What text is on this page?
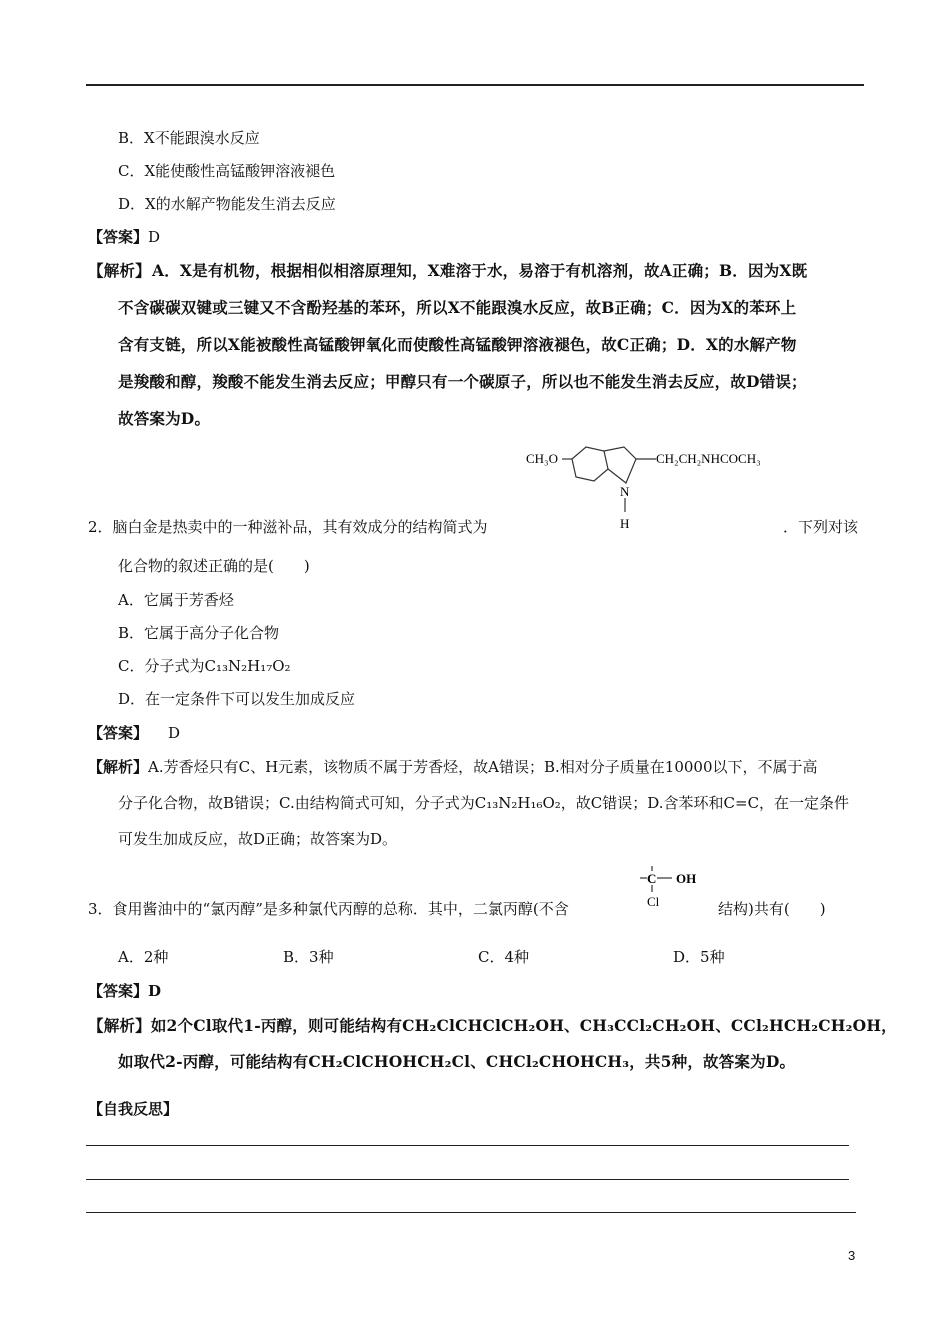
B．X不能跟溴水反应
C．X能使酸性高锰酸钾溶液褪色
D．X的水解产物能发生消去反应
【答案】D
【解析】 A．X是有机物，根据相似相溶原理知，X难溶于水，易溶于有机溶剂，故A正确；B．因为X既
不含碳碳双键或三键又不含酚羟基的苯环，所以X不能跟溴水反应，故B正确；C．因为X的苯环上
含有支链，所以X能被酸性高锰酸钾氧化而使酸性高锰酸钾溶液褪色，故C正确；D．X的水解产物
是羧酸和醇，羧酸不能发生消去反应；甲醇只有一个碳原子，所以也不能发生消去反应，故D错误；
故答案为D。
CH₃O	CH₂CH₂NHCOCH₃
N
H
2．脑白金是热卖中的一种滋补品，其有效成分的结构简式为	．下列对该
化合物的叙述正确的是(　　)
A．它属于芳香烃
B．它属于高分子化合物
C．分子式为C₁₃N₂H₁₇O₂
D．在一定条件下可以发生加成反应
【答案】 D
【解析】A.芳香烃只有C、H元素，该物质不属于芳香烃，故A错误；B.相对分子质量在10000以下，不属于高
分子化合物，故B错误；C.由结构简式可知，分子式为C₁₃N₂H₁₆O₂，故C错误；D.含苯环和C=C，在一定条件
可发生加成反应，故D正确；故答案为D。
C OH
Cl
3．食用酱油中的“氯丙醇”是多种氯代丙醇的总称．其中，二氯丙醇(不含	结构)共有(　　)
A．2种	B．3种	C．4种	D．5种
【答案】D
【解析】如2个Cl取代1-丙醇，则可能结构有CH₂ClCHClCH₂OH、CH₃CCl₂CH₂OH、CCl₂HCH₂CH₂OH，
如取代2-丙醇，可能结构有CH₂ClCHOHCH₂Cl、CHCl₂CHOHCH₃，共5种，故答案为D。
【自我反思】
3
